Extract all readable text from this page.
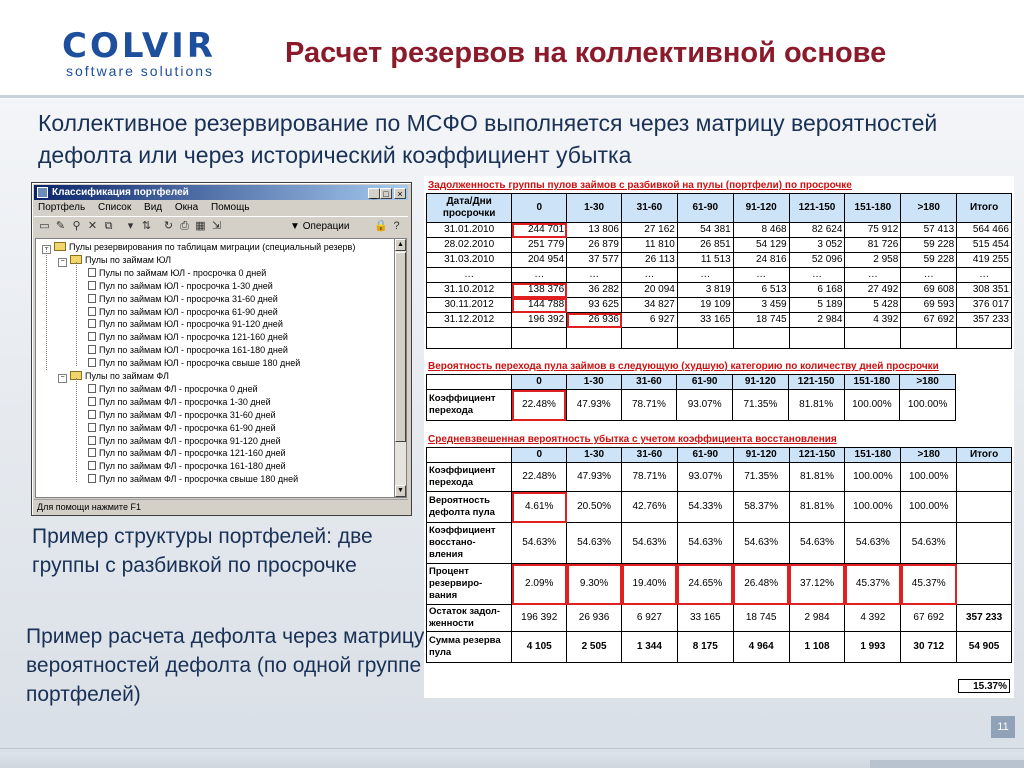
COLVIR
software solutions
Расчет резервов на коллективной основе
Коллективное резервирование по МСФО выполняется через матрицу вероятностей дефолта или через исторический коэффициент убытка
Классификация портфелей	_ □ ×
Портфель Список Вид Окна Помощь
▭ ✎ ⚲ ✕ ⧉	▾ ⇅ ↻ ⎙ ▦ ⇲	▼ Операции 🔒 ?
− Пулы резервирования по таблицам миграции (специальный резерв)
− Пулы по займам ЮЛ
Пулы по займам ЮЛ - просрочка 0 дней
Пул по займам ЮЛ - просрочка 1-30 дней
Пул по займам ЮЛ - просрочка 31-60 дней
Пул по займам ЮЛ - просрочка 61-90 дней
Пул по займам ЮЛ - просрочка 91-120 дней
Пул по займам ЮЛ - просрочка 121-160 дней
Пул по займам ЮЛ - просрочка 161-180 дней
Пул по займам ЮЛ - просрочка свыше 180 дней
− Пулы по займам ФЛ
Пул по займам ФЛ - просрочка 0 дней
Пул по займам ФЛ - просрочка 1-30 дней
Пул по займам ФЛ - просрочка 31-60 дней
Пул по займам ФЛ - просрочка 61-90 дней
Пул по займам ФЛ - просрочка 91-120 дней
Пул по займам ФЛ - просрочка 121-160 дней
Пул по займам ФЛ - просрочка 161-180 дней
Пул по займам ФЛ - просрочка свыше 180 дней
▲
▼
Для помощи нажмите F1
Пример структуры портфелей: две группы с разбивкой по просрочке
Пример расчета дефолта через матрицу вероятностей дефолта (по одной группе портфелей)
Задолженность группы пулов займов с разбивкой на пулы (портфели) по просрочке
Дата/Дни просрочки	0	1-30	31-60	61-90	91-120	121-150	151-180	>180	Итого
31.01.2010	244 701	13 806	27 162	54 381	8 468	82 624	75 912	57 413	564 466
28.02.2010	251 779	26 879	11 810	26 851	54 129	3 052	81 726	59 228	515 454
31.03.2010	204 954	37 577	26 113	11 513	24 816	52 096	2 958	59 228	419 255
…	…	…	…	…	…	…	…	…	…
31.10.2012	138 376	36 282	20 094	3 819	6 513	6 168	27 492	69 608	308 351
30.11.2012	144 788	93 625	34 827	19 109	3 459	5 189	5 428	69 593	376 017
31.12.2012	196 392	26 936	6 927	33 165	18 745	2 984	4 392	67 692	357 233

Вероятность перехода пула займов в следующую (худшую) категорию по количеству дней просрочки
	0	1-30	31-60	61-90	91-120	121-150	151-180	>180
Коэффициент перехода	22.48%	47.93%	78.71%	93.07%	71.35%	81.81%	100.00%	100.00%
Средневзвешенная вероятность убытка с учетом коэффициента восстановления
	0	1-30	31-60	61-90	91-120	121-150	151-180	>180	Итого
Коэффициент перехода	22.48%	47.93%	78.71%	93.07%	71.35%	81.81%	100.00%	100.00%	
Вероятность дефолта пула	4.61%	20.50%	42.76%	54.33%	58.37%	81.81%	100.00%	100.00%	
Коэффициент восстано-вления	54.63%	54.63%	54.63%	54.63%	54.63%	54.63%	54.63%	54.63%	
Процент резервиро-вания	2.09%	9.30%	19.40%	24.65%	26.48%	37.12%	45.37%	45.37%	
Остаток задол-женности	196 392	26 936	6 927	33 165	18 745	2 984	4 392	67 692	357 233
Сумма резерва пула	4 105	2 505	1 344	8 175	4 964	1 108	1 993	30 712	54 905
15.37%
11
